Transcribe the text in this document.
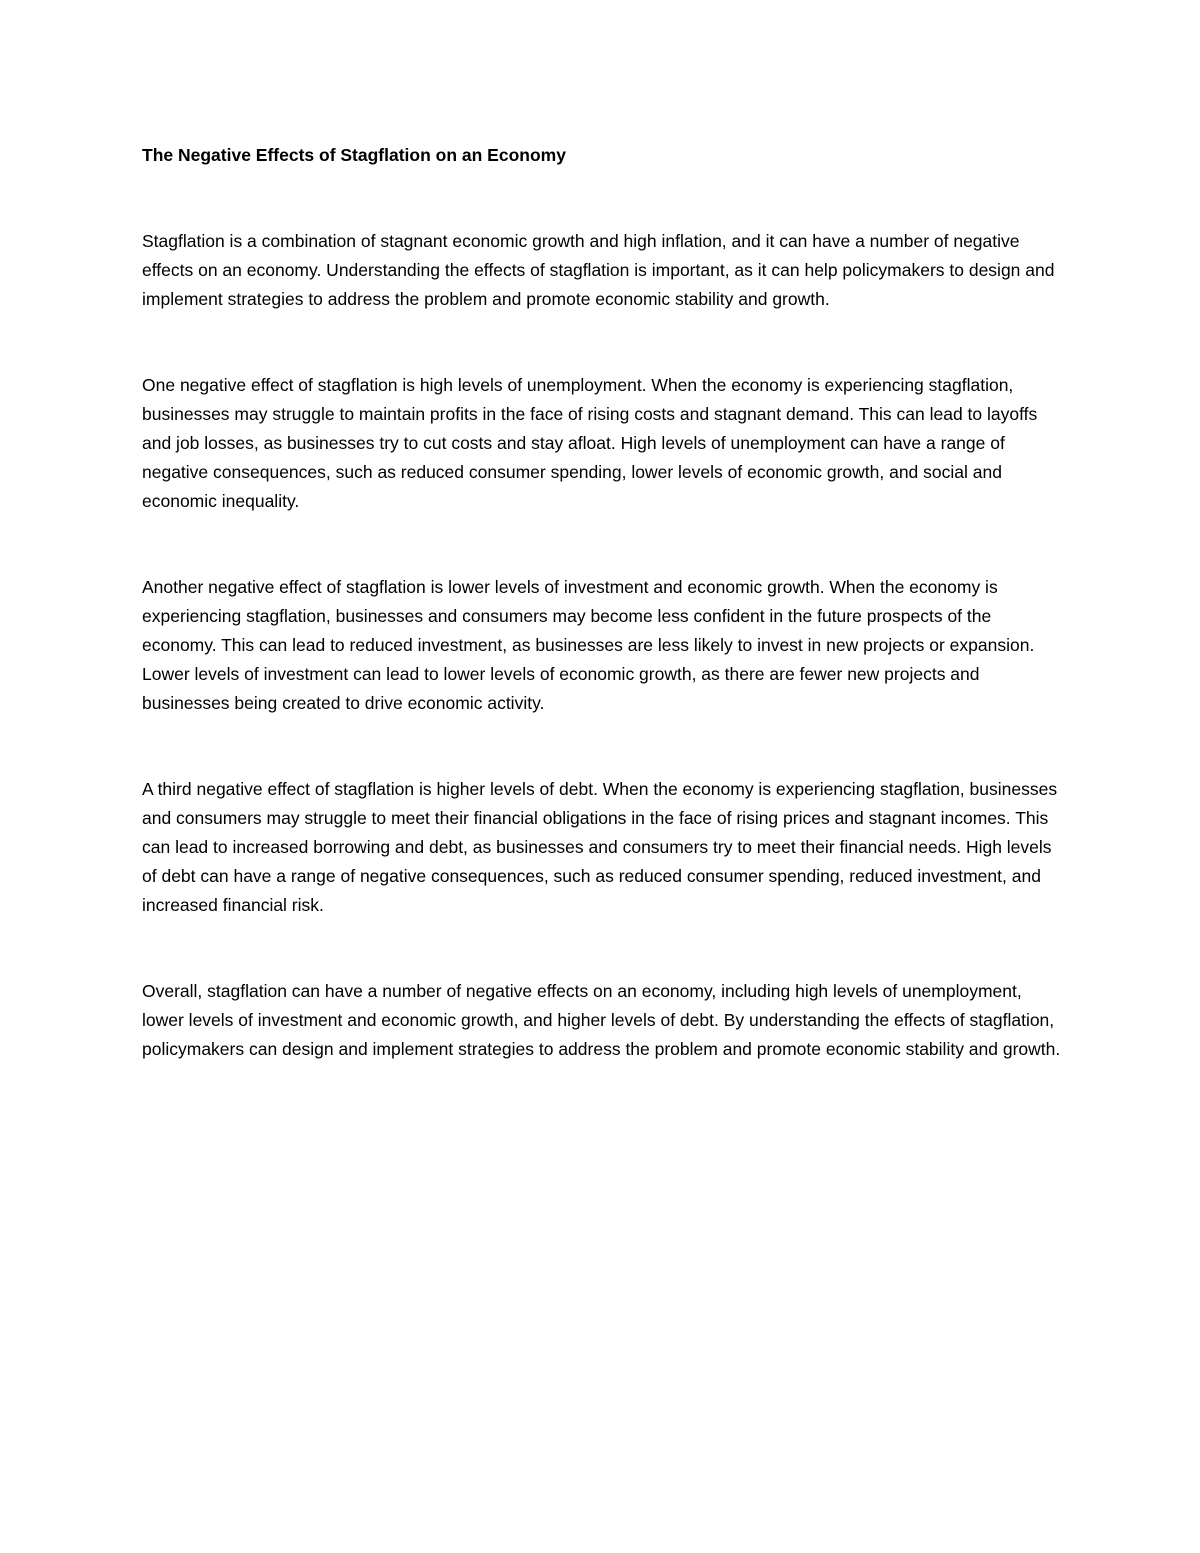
The Negative Effects of Stagflation on an Economy

Stagflation is a combination of stagnant economic growth and high inflation, and it can have a number of negative effects on an economy. Understanding the effects of stagflation is important, as it can help policymakers to design and implement strategies to address the problem and promote economic stability and growth.

One negative effect of stagflation is high levels of unemployment. When the economy is experiencing stagflation, businesses may struggle to maintain profits in the face of rising costs and stagnant demand. This can lead to layoffs and job losses, as businesses try to cut costs and stay afloat. High levels of unemployment can have a range of negative consequences, such as reduced consumer spending, lower levels of economic growth, and social and economic inequality.

Another negative effect of stagflation is lower levels of investment and economic growth. When the economy is experiencing stagflation, businesses and consumers may become less confident in the future prospects of the economy. This can lead to reduced investment, as businesses are less likely to invest in new projects or expansion. Lower levels of investment can lead to lower levels of economic growth, as there are fewer new projects and businesses being created to drive economic activity.

A third negative effect of stagflation is higher levels of debt. When the economy is experiencing stagflation, businesses and consumers may struggle to meet their financial obligations in the face of rising prices and stagnant incomes. This can lead to increased borrowing and debt, as businesses and consumers try to meet their financial needs. High levels of debt can have a range of negative consequences, such as reduced consumer spending, reduced investment, and increased financial risk.

Overall, stagflation can have a number of negative effects on an economy, including high levels of unemployment, lower levels of investment and economic growth, and higher levels of debt. By understanding the effects of stagflation, policymakers can design and implement strategies to address the problem and promote economic stability and growth.
